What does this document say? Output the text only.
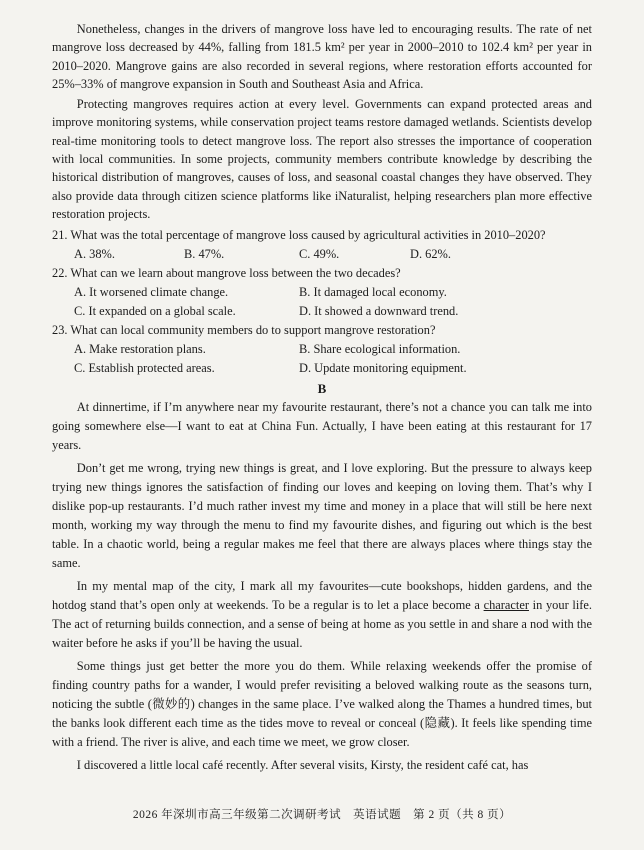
Nonetheless, changes in the drivers of mangrove loss have led to encouraging results. The rate of net mangrove loss decreased by 44%, falling from 181.5 km² per year in 2000–2010 to 102.4 km² per year in 2010–2020. Mangrove gains are also recorded in several regions, where restoration efforts accounted for 25%–33% of mangrove expansion in South and Southeast Asia and Africa.

Protecting mangroves requires action at every level. Governments can expand protected areas and improve monitoring systems, while conservation project teams restore damaged wetlands. Scientists develop real-time monitoring tools to detect mangrove loss. The report also stresses the importance of cooperation with local communities. In some projects, community members contribute knowledge by describing the historical distribution of mangroves, causes of loss, and seasonal coastal changes they have observed. They also provide data through citizen science platforms like iNaturalist, helping researchers plan more effective restoration projects.

21. What was the total percentage of mangrove loss caused by agricultural activities in 2010–2020?
A. 38%.	B. 47%.	C. 49%.	D. 62%.
22. What can we learn about mangrove loss between the two decades?
A. It worsened climate change.	B. It damaged local economy.
C. It expanded on a global scale.	D. It showed a downward trend.
23. What can local community members do to support mangrove restoration?
A. Make restoration plans.	B. Share ecological information.
C. Establish protected areas.	D. Update monitoring equipment.
B

At dinnertime, if I’m anywhere near my favourite restaurant, there’s not a chance you can talk me into going somewhere else—I want to eat at China Fun. Actually, I have been eating at this restaurant for 17 years.

Don’t get me wrong, trying new things is great, and I love exploring. But the pressure to always keep trying new things ignores the satisfaction of finding our loves and keeping on loving them. That’s why I dislike pop-up restaurants. I’d much rather invest my time and money in a place that will still be here next month, working my way through the menu to find my favourite dishes, and figuring out which is the best table. In a chaotic world, being a regular makes me feel that there are always places where things stay the same.

In my mental map of the city, I mark all my favourites—cute bookshops, hidden gardens, and the hotdog stand that’s open only at weekends. To be a regular is to let a place become a character in your life. The act of returning builds connection, and a sense of being at home as you settle in and share a nod with the waiter before he asks if you’ll be having the usual.

Some things just get better the more you do them. While relaxing weekends offer the promise of finding country paths for a wander, I would prefer revisiting a beloved walking route as the seasons turn, noticing the subtle (微妙的) changes in the same place. I’ve walked along the Thames a hundred times, but the banks look different each time as the tides move to reveal or conceal (隐藏). It feels like spending time with a friend. The river is alive, and each time we meet, we grow closer.

I discovered a little local café recently. After several visits, Kirsty, the resident café cat, has

2026 年深圳市高三年级第二次调研考试　英语试题　第 2 页（共 8 页）
